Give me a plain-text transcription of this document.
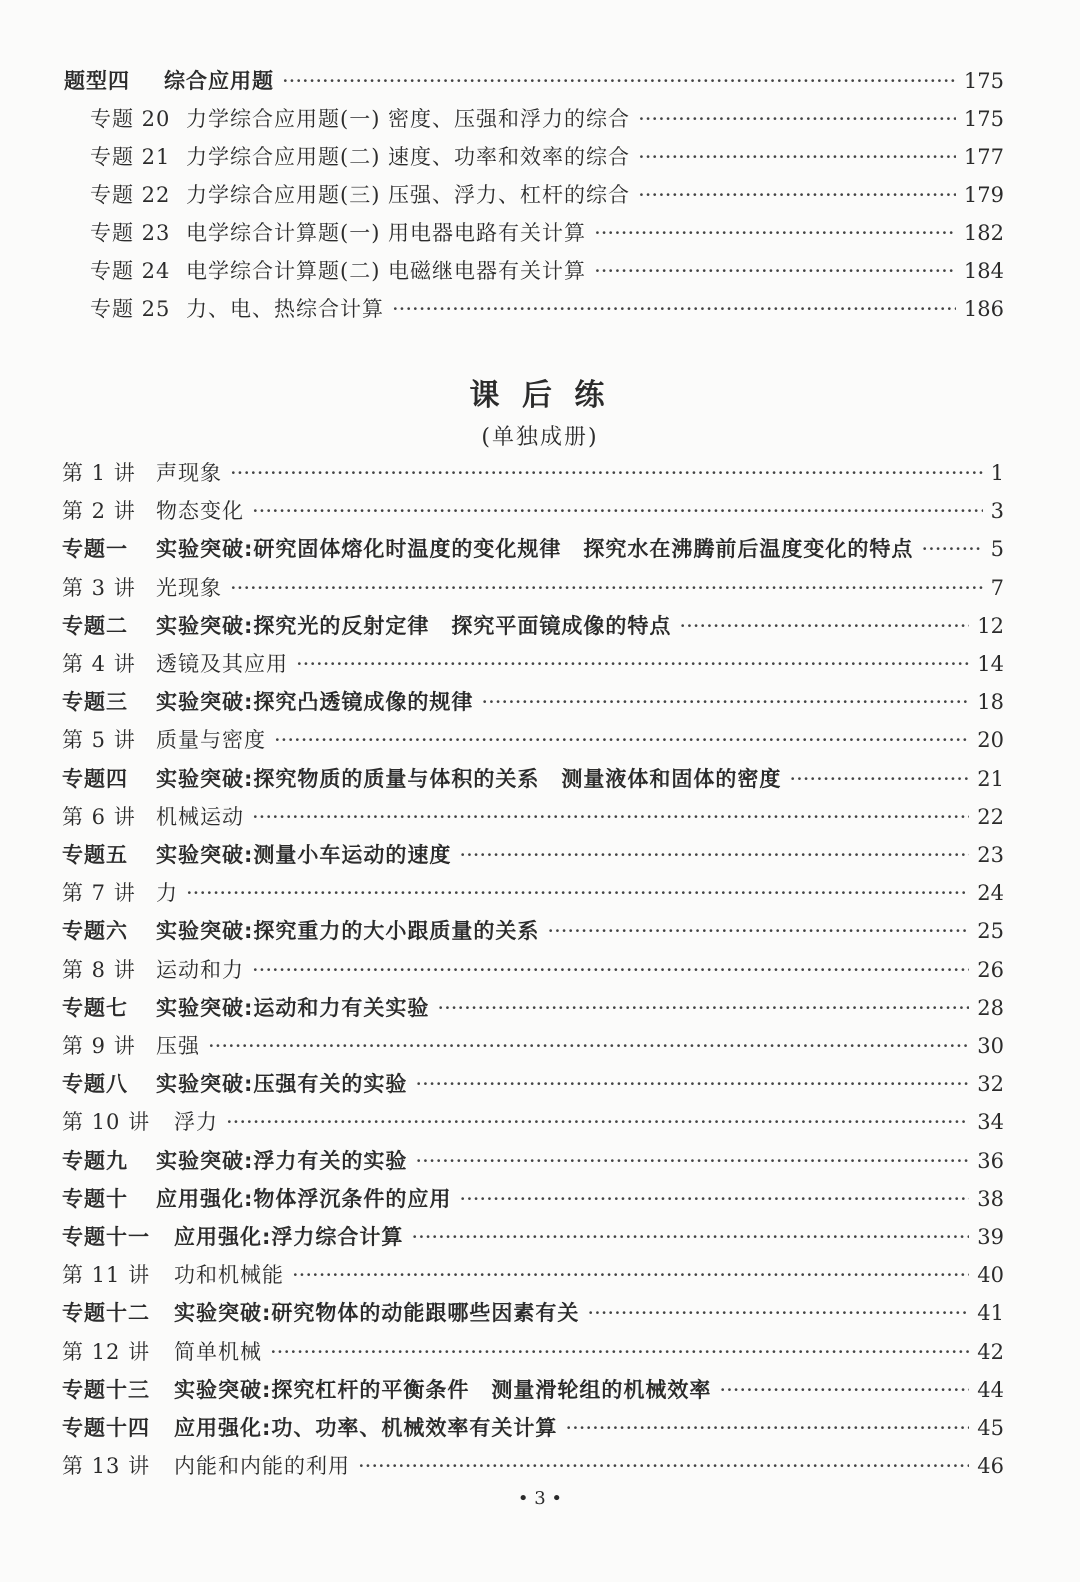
题型四	综合应用题 ·····	175
专题 20 力学综合应用题(一) 密度、压强和浮力的综合 ·····	175
专题 21 力学综合应用题(二) 速度、功率和效率的综合 ·····	177
专题 22 力学综合应用题(三) 压强、浮力、杠杆的综合 ·····	179
专题 23 电学综合计算题(一) 用电器电路有关计算 ·····	182
专题 24 电学综合计算题(二) 电磁继电器有关计算 ·····	184
专题 25 力、电、热综合计算 ·····	186
课 后 练
(单独成册)
第 1 讲 声现象 ·····	1
第 2 讲 物态变化 ·····	3
专题一	实验突破:研究固体熔化时温度的变化规律　探究水在沸腾前后温度变化的特点 ·····	5
第 3 讲 光现象 ·····	7
专题二	实验突破:探究光的反射定律　探究平面镜成像的特点 ·····	12
第 4 讲 透镜及其应用 ·····	14
专题三	实验突破:探究凸透镜成像的规律 ·····	18
第 5 讲 质量与密度 ·····	20
专题四	实验突破:探究物质的质量与体积的关系　测量液体和固体的密度 ·····	21
第 6 讲 机械运动 ·····	22
专题五	实验突破:测量小车运动的速度 ·····	23
第 7 讲 力 ·····	24
专题六	实验突破:探究重力的大小跟质量的关系 ·····	25
第 8 讲 运动和力 ·····	26
专题七	实验突破:运动和力有关实验 ·····	28
第 9 讲 压强 ·····	30
专题八	实验突破:压强有关的实验 ·····	32
第 10 讲	浮力 ·····	34
专题九	实验突破:浮力有关的实验 ·····	36
专题十	应用强化:物体浮沉条件的应用 ·····	38
专题十一	应用强化:浮力综合计算 ·····	39
第 11 讲	功和机械能 ·····	40
专题十二	实验突破:研究物体的动能跟哪些因素有关 ·····	41
第 12 讲	简单机械 ·····	42
专题十三	实验突破:探究杠杆的平衡条件　测量滑轮组的机械效率 ·····	44
专题十四	应用强化:功、功率、机械效率有关计算 ·····	45
第 13 讲	内能和内能的利用 ·····	46
• 3 •
